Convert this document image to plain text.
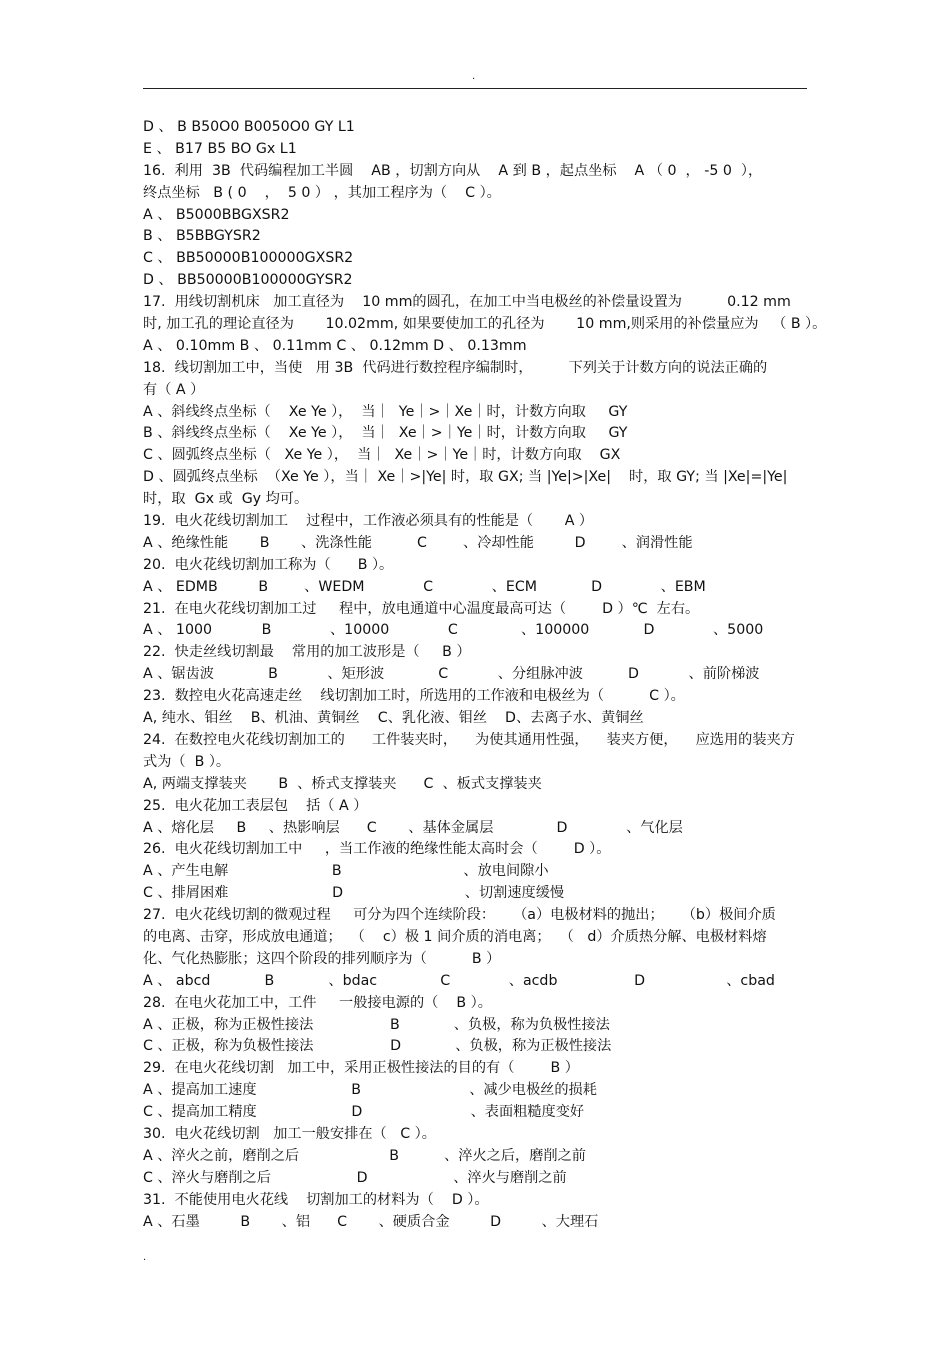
.
D 、 B B50O0 B0050O0 GY L1
E 、 B17 B5 BO Gx L1
16.  利用  3B  代码编程加工半圆    AB ，切割方向从    A 到 B ，起点坐标    A （ 0  ， -5 0  ），
终点坐标   B ( 0    ，  5 0 ） ，其加工程序为（    C ）。
A 、 B5000BBGXSR2
B 、 B5BBGYSR2
C 、 BB50000B100000GXSR2
D 、 BB50000B100000GYSR2
17.  用线切割机床   加工直径为    10 mm的圆孔，在加工中当电极丝的补偿量设置为          0.12 mm
时, 加工孔的理论直径为       10.02mm, 如果要使加工的孔径为       10 mm,则采用的补偿量应为   （ B ）。
A 、 0.10mm B 、 0.11mm C 、 0.12mm D 、 0.13mm
18.  线切割加工中，当使   用 3B  代码进行数控程序编制时，        下列关于计数方向的说法正确的
有（ A ）
A 、斜线终点坐标（    Xe Ye ），  当｜  Ye｜>｜Xe｜时，计数方向取     GY
B 、斜线终点坐标（    Xe Ye ），  当｜  Xe｜>｜Ye｜时，计数方向取     GY
C 、圆弧终点坐标（   Xe Ye ），  当｜  Xe｜>｜Ye｜时，计数方向取    GX
D 、圆弧终点坐标  （Xe Ye ），当｜ Xe｜>|Ye| 时，取 GX; 当 |Ye|>|Xe|    时，取 GY; 当 |Xe|=|Ye|
时，取  Gx 或  Gy 均可。
19.  电火花线切割加工    过程中，工作液必须具有的性能是（       A ）
A 、绝缘性能       B       、洗涤性能          C        、冷却性能         D        、润滑性能
20.  电火花线切割加工称为（      B ）。
A 、 EDMB         B        、WEDM             C             、ECM            D             、EBM
21.  在电火花线切割加工过     程中，放电通道中心温度最高可达（        D ）℃  左右。
A 、 1000           B             、10000             C              、100000            D             、5000
22.  快走丝线切割最    常用的加工波形是（     B ）
A 、锯齿波            B           、矩形波            C           、分组脉冲波          D           、前阶梯波
23.  数控电火花高速走丝    线切割加工时，所选用的工作液和电极丝为（          C ）。
A, 纯水、钼丝    B、机油、黄铜丝    C、乳化液、钼丝    D、去离子水、黄铜丝
24.  在数控电火花线切割加工的      工件装夹时，    为使其通用性强，    装夹方便，    应选用的装夹方
式为（  B ）。
A, 两端支撑装夹       B  、桥式支撑装夹      C  、板式支撑装夹
25.  电火花加工表层包    括（ A ）
A 、熔化层     B     、热影响层      C       、基体金属层              D             、气化层
26.  电火花线切割加工中     ，当工作液的绝缘性能太高时会（        D ）。
A 、产生电解                       B                           、放电间隙小
C 、排屑困难                       D                           、切割速度缓慢
27.  电火花线切割的微观过程     可分为四个连续阶段：    （a）电极材料的抛出；    （b）极间介质
的电离、击穿，形成放电通道；  （    c）极 1 间介质的消电离；  （   d）介质热分解、电极材料熔
化、气化热膨胀；这四个阶段的排列顺序为（          B ）
A 、 abcd            B            、bdac              C             、acdb                 D                  、cbad
28.  在电火花加工中，工件     一般接电源的（    B ）。
A 、正极，称为正极性接法                 B            、负极，称为负极性接法
C 、正极，称为负极性接法                 D            、负极，称为正极性接法
29.  在电火花线切割   加工中，采用正极性接法的目的有（        B ）
A 、提高加工速度                     B                        、减少电极丝的损耗
C 、提高加工精度                     D                        、表面粗糙度变好
30.  电火花线切割   加工一般安排在（   C ）。
A 、淬火之前，磨削之后                    B          、淬火之后，磨削之前
C 、淬火与磨削之后                   D                   、淬火与磨削之前
31.  不能使用电火花线    切割加工的材料为（    D ）。
A 、石墨         B       、铝      C       、硬质合金         D         、大理石
.
